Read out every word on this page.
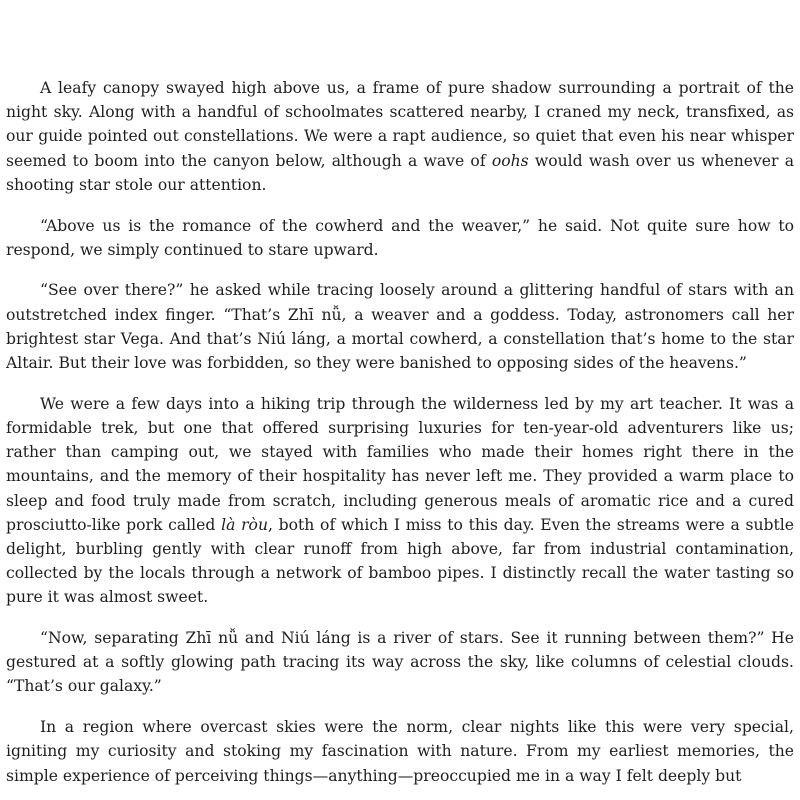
A leafy canopy swayed high above us, a frame of pure shadow surrounding a portrait of the night sky. Along with a handful of schoolmates scattered nearby, I craned my neck, transfixed, as our guide pointed out constellations. We were a rapt audience, so quiet that even his near whisper seemed to boom into the canyon below, although a wave of oohs would wash over us whenever a shooting star stole our attention.

“Above us is the romance of the cowherd and the weaver,” he said. Not quite sure how to respond, we simply continued to stare upward.

“See over there?” he asked while tracing loosely around a glittering handful of stars with an outstretched index finger. “That’s Zhī nǚ, a weaver and a goddess. Today, astronomers call her brightest star Vega. And that’s Niú láng, a mortal cowherd, a constellation that’s home to the star Altair. But their love was forbidden, so they were banished to opposing sides of the heavens.”

We were a few days into a hiking trip through the wilderness led by my art teacher. It was a formidable trek, but one that offered surprising luxuries for ten-year-old adventurers like us; rather than camping out, we stayed with families who made their homes right there in the mountains, and the memory of their hospitality has never left me. They provided a warm place to sleep and food truly made from scratch, including generous meals of aromatic rice and a cured prosciutto-like pork called là ròu, both of which I miss to this day. Even the streams were a subtle delight, burbling gently with clear runoff from high above, far from industrial contamination, collected by the locals through a network of bamboo pipes. I distinctly recall the water tasting so pure it was almost sweet.

“Now, separating Zhī nǚ and Niú láng is a river of stars. See it running between them?” He gestured at a softly glowing path tracing its way across the sky, like columns of celestial clouds. “That’s our galaxy.”

In a region where overcast skies were the norm, clear nights like this were very special, igniting my curiosity and stoking my fascination with nature. From my earliest memories, the simple experience of perceiving things—anything—preoccupied me in a way I felt deeply but
